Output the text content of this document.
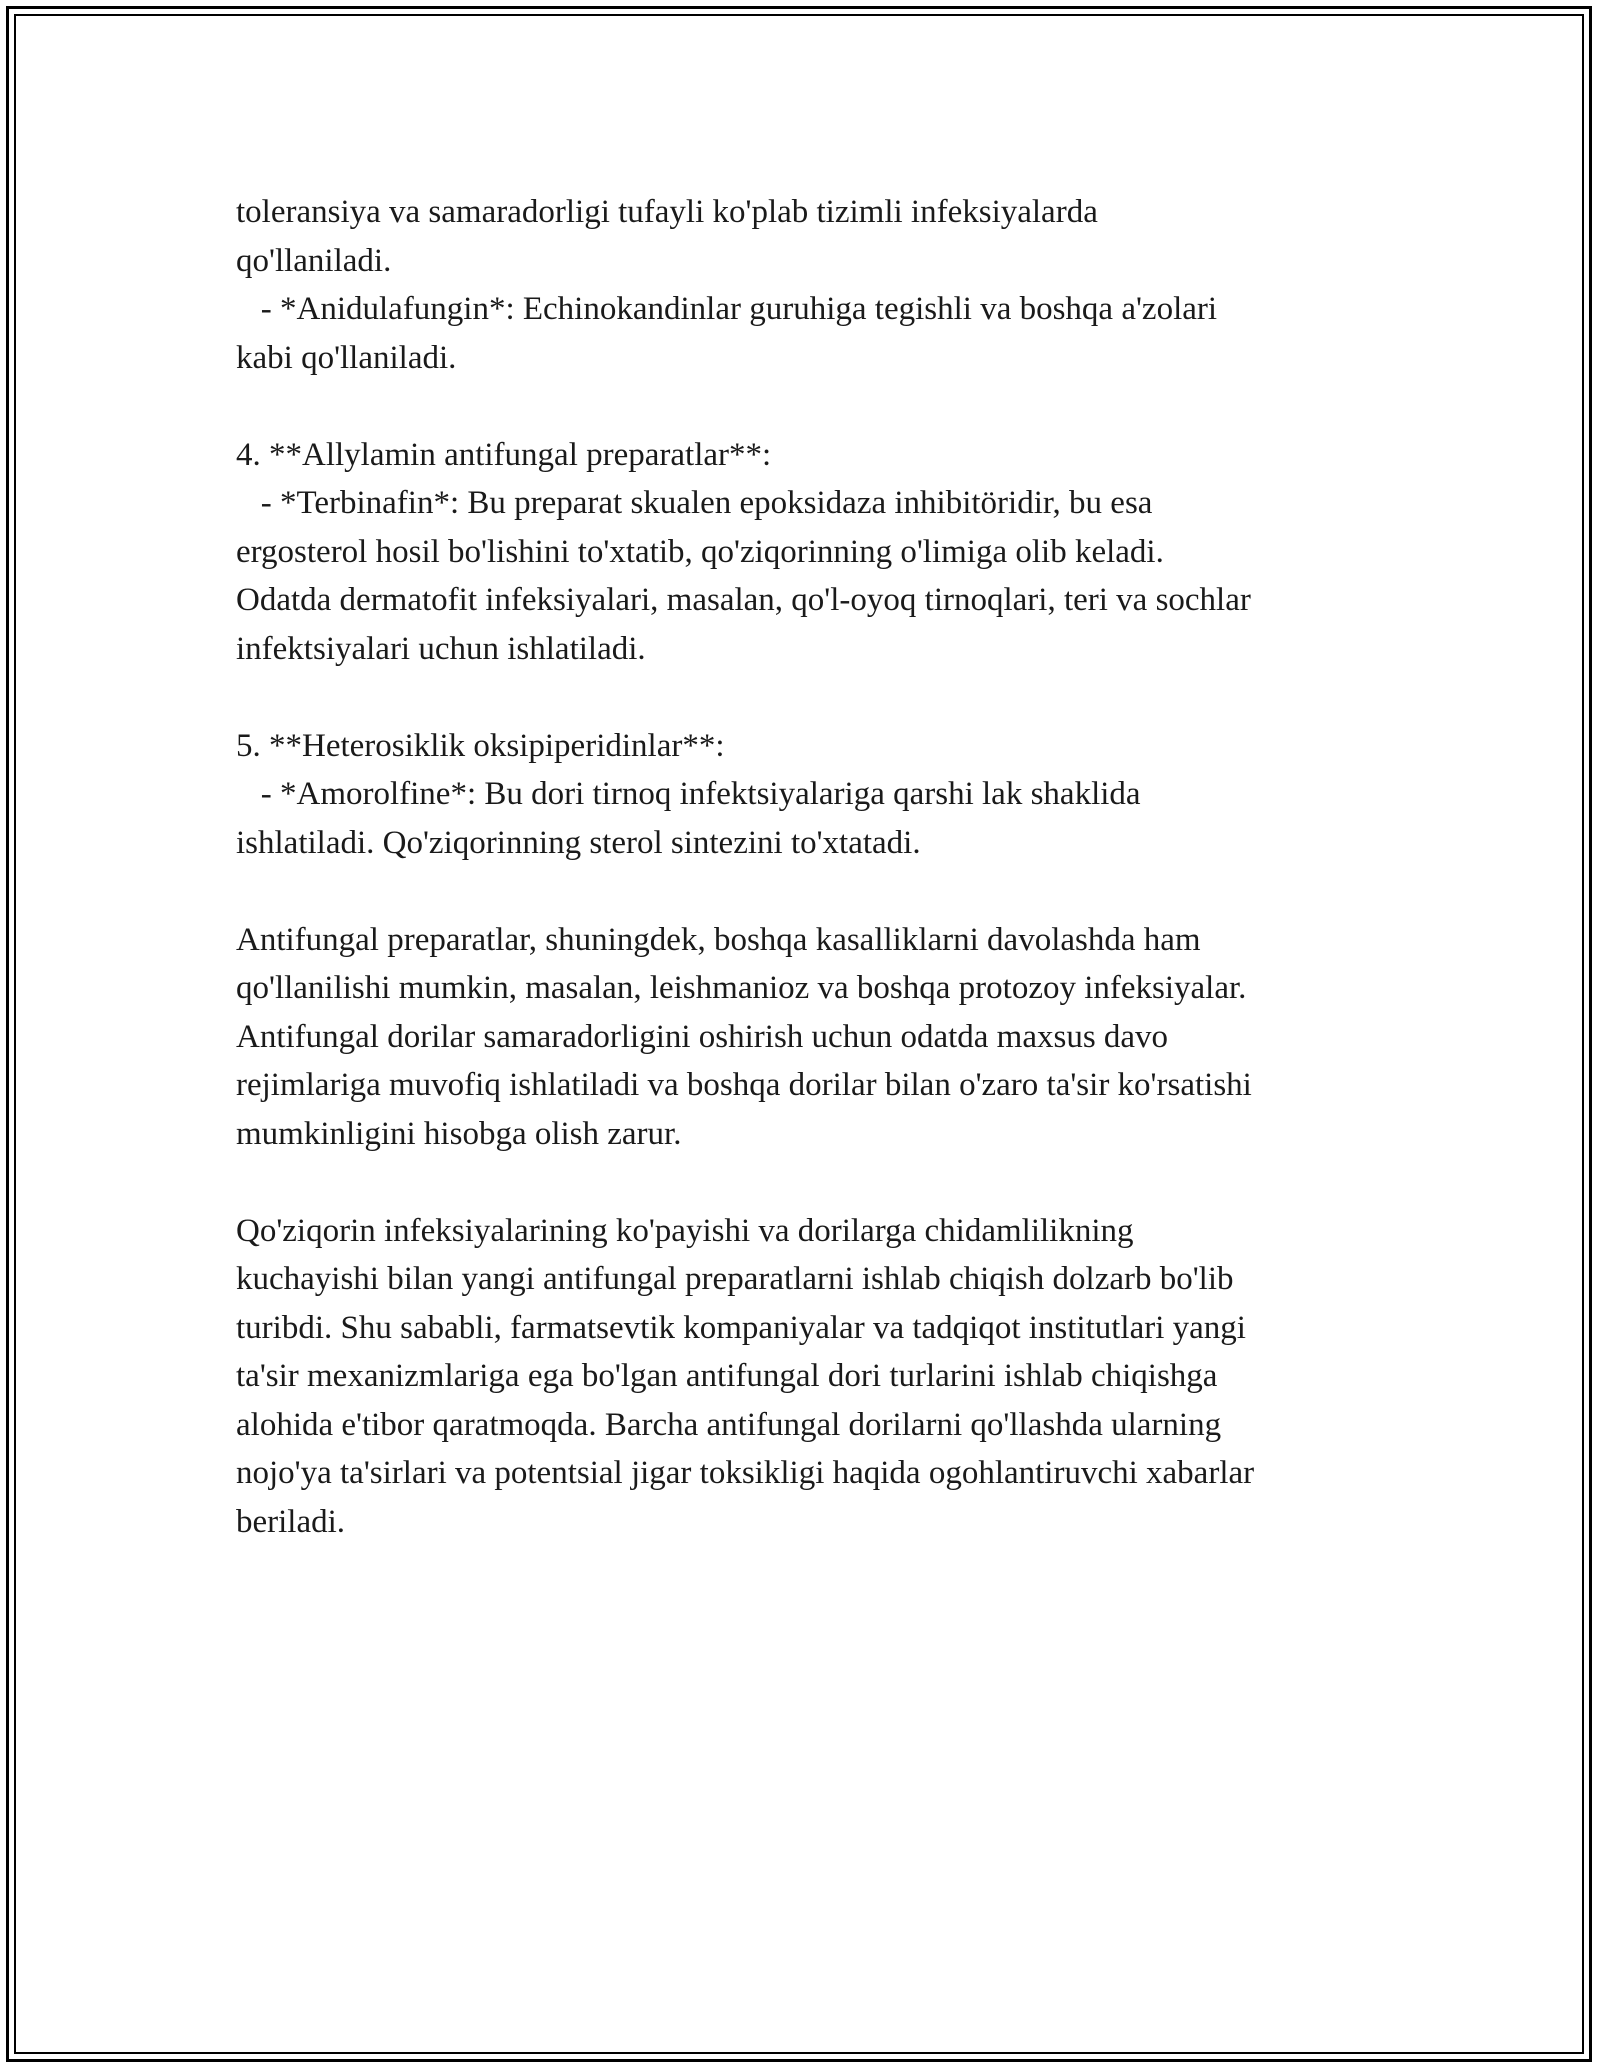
toleransiya va samaradorligi tufayli ko'plab tizimli infeksiyalarda
qo'llaniladi.
- *Anidulafungin*: Echinokandinlar guruhiga tegishli va boshqa a'zolari
kabi qo'llaniladi.

4. **Allylamin antifungal preparatlar**:
- *Terbinafin*: Bu preparat skualen epoksidaza inhibitöridir, bu esa
ergosterol hosil bo'lishini to'xtatib, qo'ziqorinning o'limiga olib keladi.
Odatda dermatofit infeksiyalari, masalan, qo'l-oyoq tirnoqlari, teri va sochlar
infektsiyalari uchun ishlatiladi.

5. **Heterosiklik oksipiperidinlar**:
- *Amorolfine*: Bu dori tirnoq infektsiyalariga qarshi lak shaklida
ishlatiladi. Qo'ziqorinning sterol sintezini to'xtatadi.

Antifungal preparatlar, shuningdek, boshqa kasalliklarni davolashda ham
qo'llanilishi mumkin, masalan, leishmanioz va boshqa protozoy infeksiyalar.
Antifungal dorilar samaradorligini oshirish uchun odatda maxsus davo
rejimlariga muvofiq ishlatiladi va boshqa dorilar bilan o'zaro ta'sir ko'rsatishi
mumkinligini hisobga olish zarur.

Qo'ziqorin infeksiyalarining ko'payishi va dorilarga chidamlilikning
kuchayishi bilan yangi antifungal preparatlarni ishlab chiqish dolzarb bo'lib
turibdi. Shu sababli, farmatsevtik kompaniyalar va tadqiqot institutlari yangi
ta'sir mexanizmlariga ega bo'lgan antifungal dori turlarini ishlab chiqishga
alohida e'tibor qaratmoqda. Barcha antifungal dorilarni qo'llashda ularning
nojo'ya ta'sirlari va potentsial jigar toksikligi haqida ogohlantiruvchi xabarlar
beriladi.
